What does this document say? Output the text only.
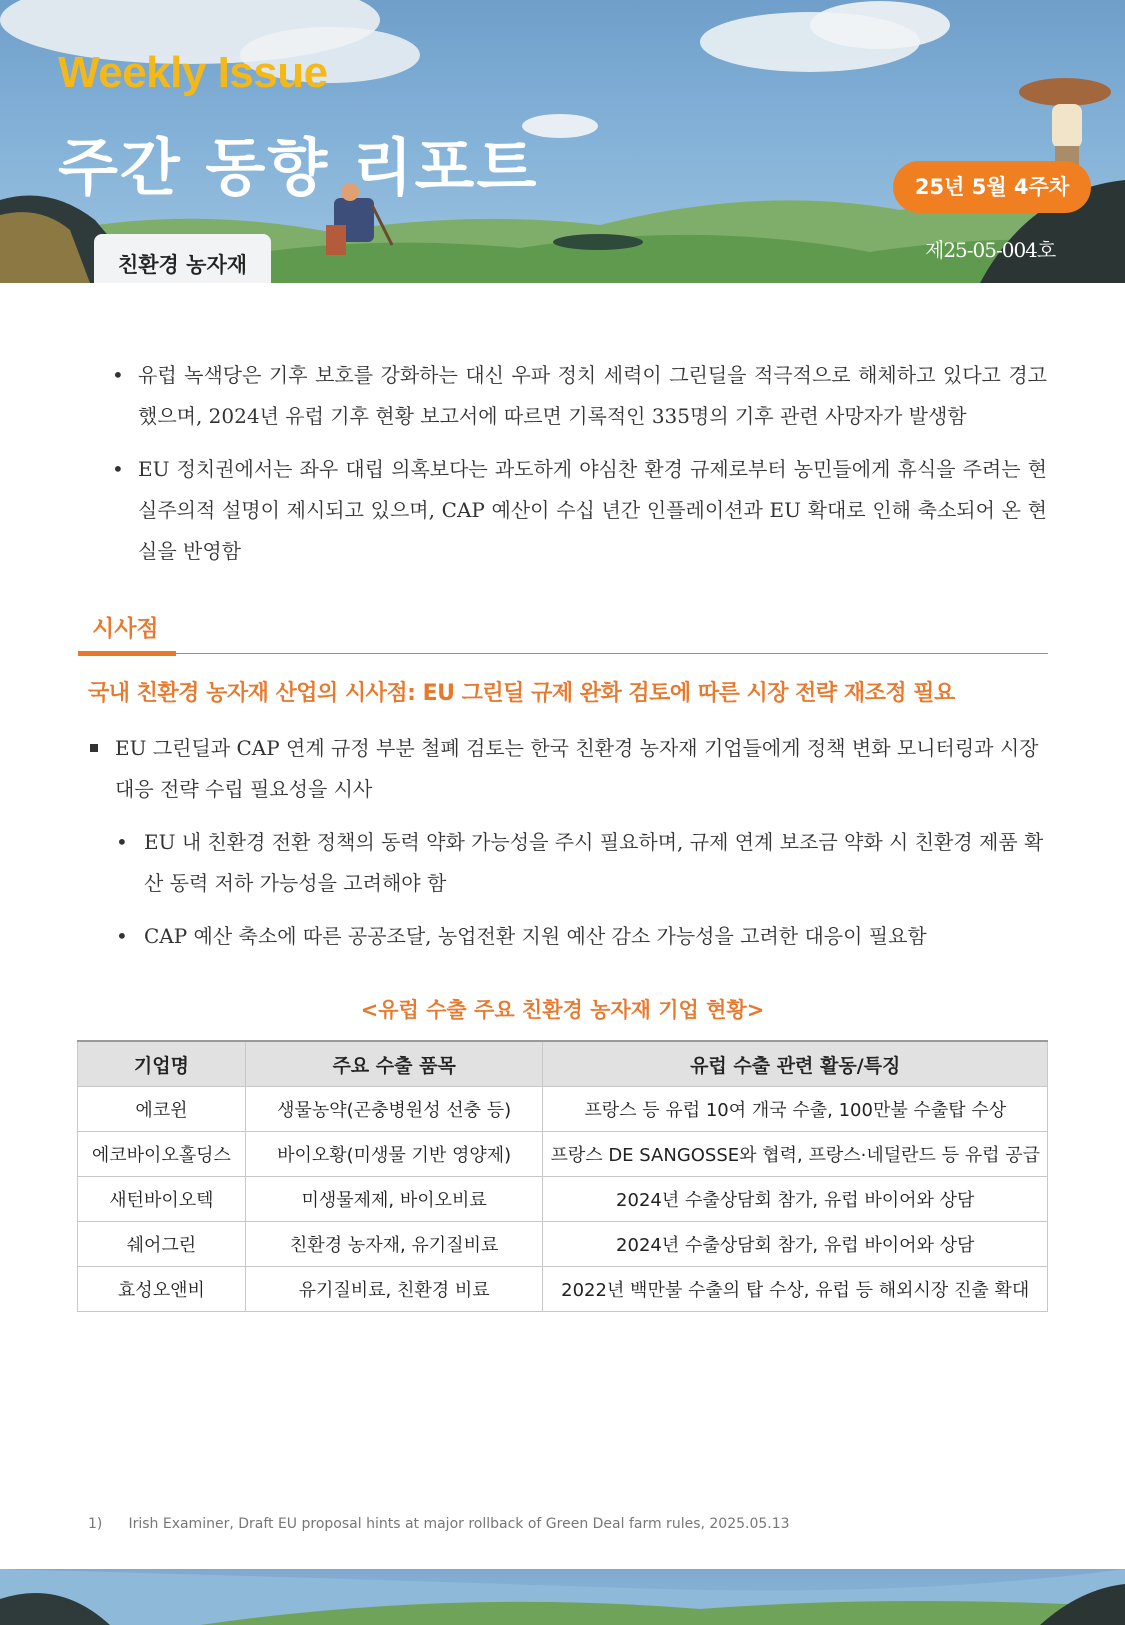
Weekly Issue
주간 동향 리포트	25년 5월 4주차
제25-05-004호
친환경 농자재
• 유럽 녹색당은 기후 보호를 강화하는 대신 우파 정치 세력이 그린딜을 적극적으로 해체하고 있다고 경고했으며, 2024년 유럽 기후 현황 보고서에 따르면 기록적인 335명의 기후 관련 사망자가 발생함
• EU 정치권에서는 좌우 대립 의혹보다는 과도하게 야심찬 환경 규제로부터 농민들에게 휴식을 주려는 현실주의적 설명이 제시되고 있으며, CAP 예산이 수십 년간 인플레이션과 EU 확대로 인해 축소되어 온 현실을 반영함
시사점
국내 친환경 농자재 산업의 시사점: EU 그린딜 규제 완화 검토에 따른 시장 전략 재조정 필요
EU 그린딜과 CAP 연계 규정 부분 철폐 검토는 한국 친환경 농자재 기업들에게 정책 변화 모니터링과 시장 대응 전략 수립 필요성을 시사
• EU 내 친환경 전환 정책의 동력 약화 가능성을 주시 필요하며, 규제 연계 보조금 약화 시 친환경 제품 확산 동력 저하 가능성을 고려해야 함
• CAP 예산 축소에 따른 공공조달, 농업전환 지원 예산 감소 가능성을 고려한 대응이 필요함
<유럽 수출 주요 친환경 농자재 기업 현황>
기업명	주요 수출 품목	유럽 수출 관련 활동/특징
에코윈	생물농약(곤충병원성 선충 등)	프랑스 등 유럽 10여 개국 수출, 100만불 수출탑 수상
에코바이오홀딩스	바이오황(미생물 기반 영양제)	프랑스 DE SANGOSSE와 협력, 프랑스·네덜란드 등 유럽 공급
새턴바이오텍	미생물제제, 바이오비료	2024년 수출상담회 참가, 유럽 바이어와 상담
쉐어그린	친환경 농자재, 유기질비료	2024년 수출상담회 참가, 유럽 바이어와 상담
효성오앤비	유기질비료, 친환경 비료	2022년 백만불 수출의 탑 수상, 유럽 등 해외시장 진출 확대
1) Irish Examiner, Draft EU proposal hints at major rollback of Green Deal farm rules, 2025.05.13
